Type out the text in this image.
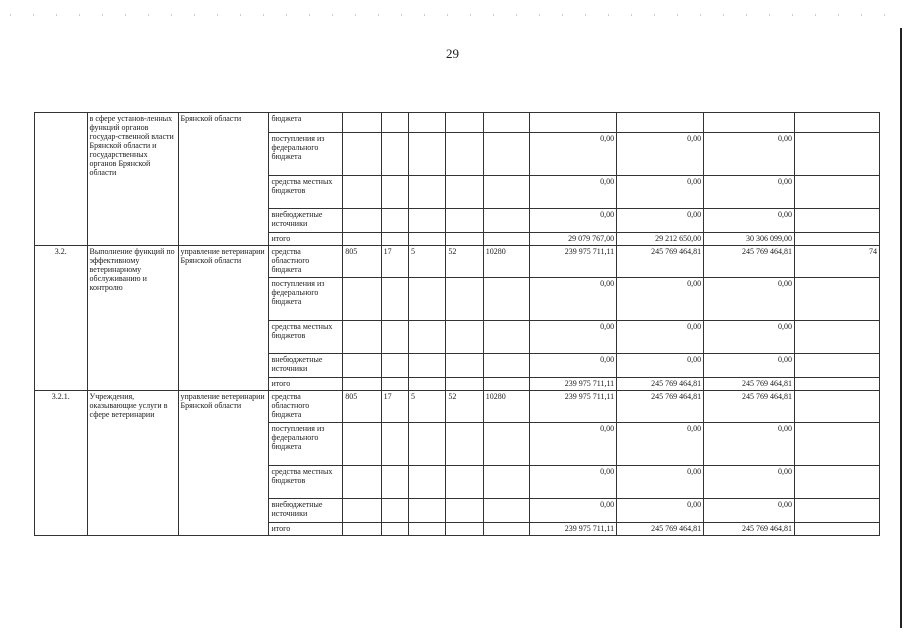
29
	в сфере установ-ленных функций органов государ-ственной власти Брянской области и государственных органов Брянской области	Брянской области	бюджета									
			поступления из федерального бюджета						0,00	0,00	0,00	
			средства местных бюджетов						0,00	0,00	0,00	
			внебюджетные источники						0,00	0,00	0,00	
			итого						29 079 767,00	29 212 650,00	30 306 099,00	
3.2.	Выполнение функций по эффективному ветеринарному обслуживанию и контролю	управление ветеринарии Брянской области	средства областного бюджета	805	17	5	52	10280	239 975 711,11	245 769 464,81	245 769 464,81	74
			поступления из федерального бюджета						0,00	0,00	0,00	
			средства местных бюджетов						0,00	0,00	0,00	
			внебюджетные источники						0,00	0,00	0,00	
			итого						239 975 711,11	245 769 464,81	245 769 464,81	
3.2.1.	Учреждения, оказывающие услуги в сфере ветеринарии	управление ветеринарии Брянской области	средства областного бюджета	805	17	5	52	10280	239 975 711,11	245 769 464,81	245 769 464,81	
			поступления из федерального бюджета						0,00	0,00	0,00	
			средства местных бюджетов						0,00	0,00	0,00	
			внебюджетные источники						0,00	0,00	0,00	
			итого						239 975 711,11	245 769 464,81	245 769 464,81	
